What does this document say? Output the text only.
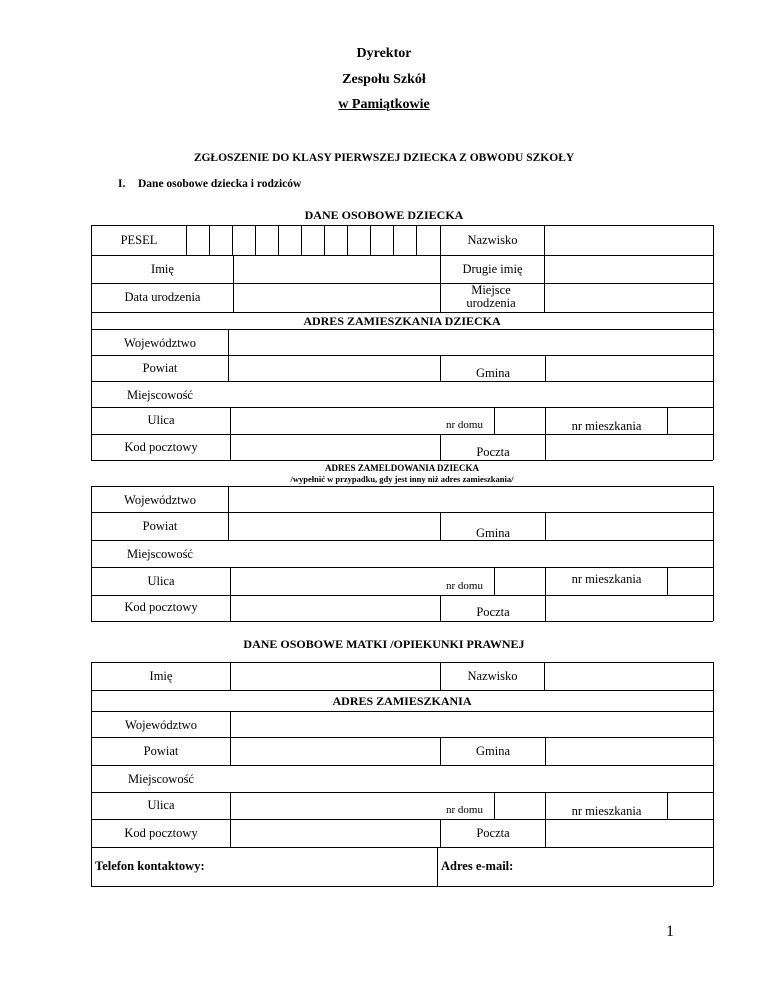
Dyrektor
Zespołu Szkół
w Pamiątkowie
ZGŁOSZENIE DO KLASY PIERWSZEJ DZIECKA Z OBWODU SZKOŁY
I. Dane osobowe dziecka i rodziców
DANE OSOBOWE DZIECKA
PESEL	Nazwisko
Imię	Drugie imię
Data urodzenia	Miejsce urodzenia
ADRES ZAMIESZKANIA DZIECKA
Województwo
Powiat	Gmina
Miejscowość
Ulica	nr domu	nr mieszkania
Kod pocztowy	Poczta
ADRES ZAMELDOWANIA DZIECKA
/wypełnić w przypadku, gdy jest inny niż adres zamieszkania/
Województwo
Powiat	Gmina
Miejscowość
Ulica	nr domu	nr mieszkania
Kod pocztowy	Poczta
DANE OSOBOWE MATKI /OPIEKUNKI PRAWNEJ
Imię	Nazwisko
ADRES ZAMIESZKANIA
Województwo
Powiat	Gmina
Miejscowość
Ulica	nr domu	nr mieszkania
Kod pocztowy	Poczta
Telefon kontaktowy:	Adres e-mail:
1
